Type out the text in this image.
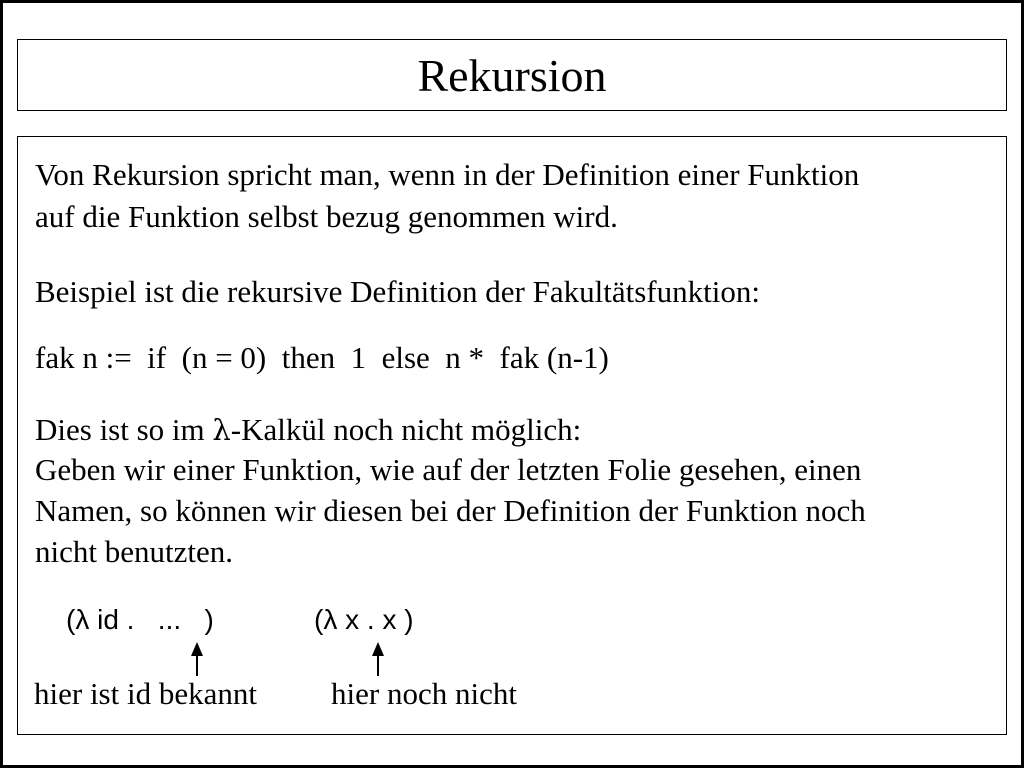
Rekursion
Von Rekursion spricht man, wenn in der Definition einer Funktion
auf die Funktion selbst bezug genommen wird.
Beispiel ist die rekursive Definition der Fakultätsfunktion:
fak n :=  if  (n = 0)  then  1  else  n *  fak (n-1)
Dies ist so im λ-Kalkül noch nicht möglich:
Geben wir einer Funktion, wie auf der letzten Folie gesehen, einen
Namen, so können wir diesen bei der Definition der Funktion noch
nicht benutzten.
(λ id .   ...   )	(λ x . x )
hier ist id bekannt hier noch nicht
